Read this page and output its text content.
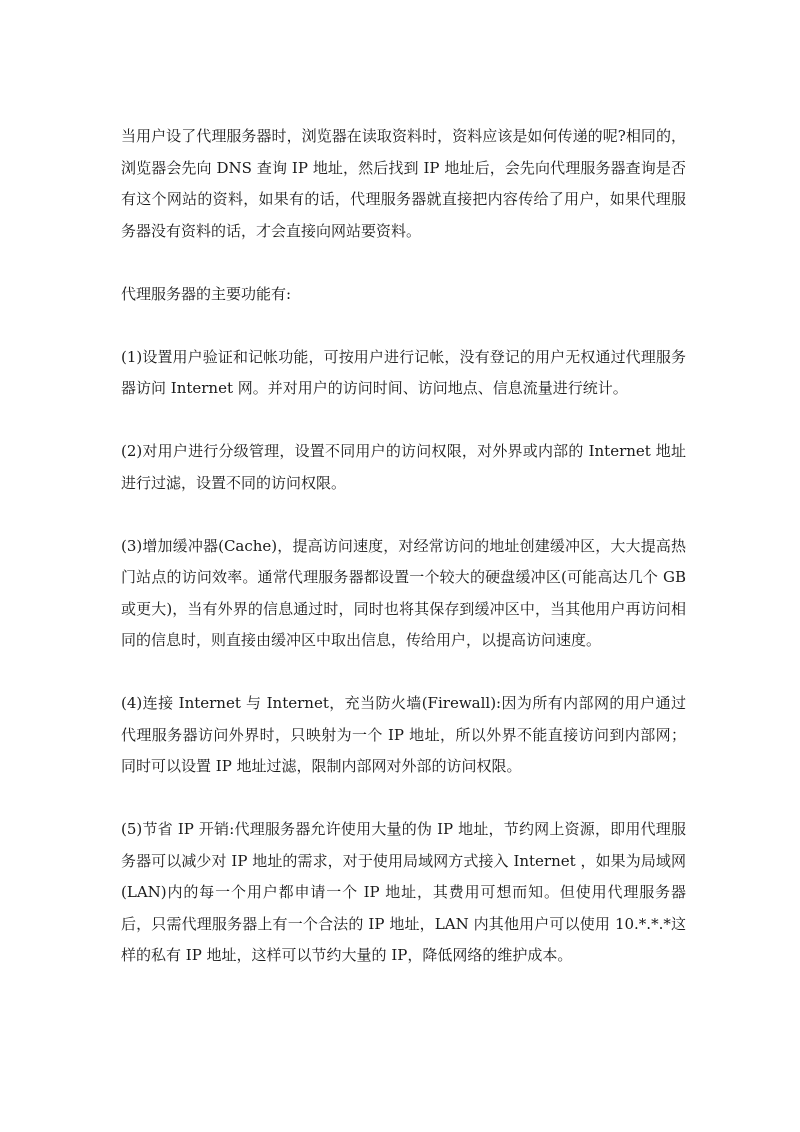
当用户设了代理服务器时，浏览器在读取资料时，资料应该是如何传递的呢?相同的，浏览器会先向 DNS 查询 IP 地址，然后找到 IP 地址后，会先向代理服务器查询是否有这个网站的资料，如果有的话，代理服务器就直接把内容传给了用户，如果代理服务器没有资料的话，才会直接向网站要资料。

代理服务器的主要功能有:

(1)设置用户验证和记帐功能，可按用户进行记帐，没有登记的用户无权通过代理服务器访问 Internet 网。并对用户的访问时间、访问地点、信息流量进行统计。

(2)对用户进行分级管理，设置不同用户的访问权限，对外界或内部的 Internet 地址进行过滤，设置不同的访问权限。

(3)增加缓冲器(Cache)，提高访问速度，对经常访问的地址创建缓冲区，大大提高热门站点的访问效率。通常代理服务器都设置一个较大的硬盘缓冲区(可能高达几个 GB 或更大)，当有外界的信息通过时，同时也将其保存到缓冲区中，当其他用户再访问相同的信息时，则直接由缓冲区中取出信息，传给用户，以提高访问速度。

(4)连接 Internet 与 Internet，充当防火墙(Firewall):因为所有内部网的用户通过代理服务器访问外界时，只映射为一个 IP 地址，所以外界不能直接访问到内部网；同时可以设置 IP 地址过滤，限制内部网对外部的访问权限。

(5)节省 IP 开销:代理服务器允许使用大量的伪 IP 地址，节约网上资源，即用代理服务器可以减少对 IP 地址的需求，对于使用局域网方式接入 Internet ，如果为局域网(LAN)内的每一个用户都申请一个 IP 地址，其费用可想而知。但使用代理服务器后，只需代理服务器上有一个合法的 IP 地址，LAN 内其他用户可以使用 10.*.*.*这样的私有 IP 地址，这样可以节约大量的 IP，降低网络的维护成本。
